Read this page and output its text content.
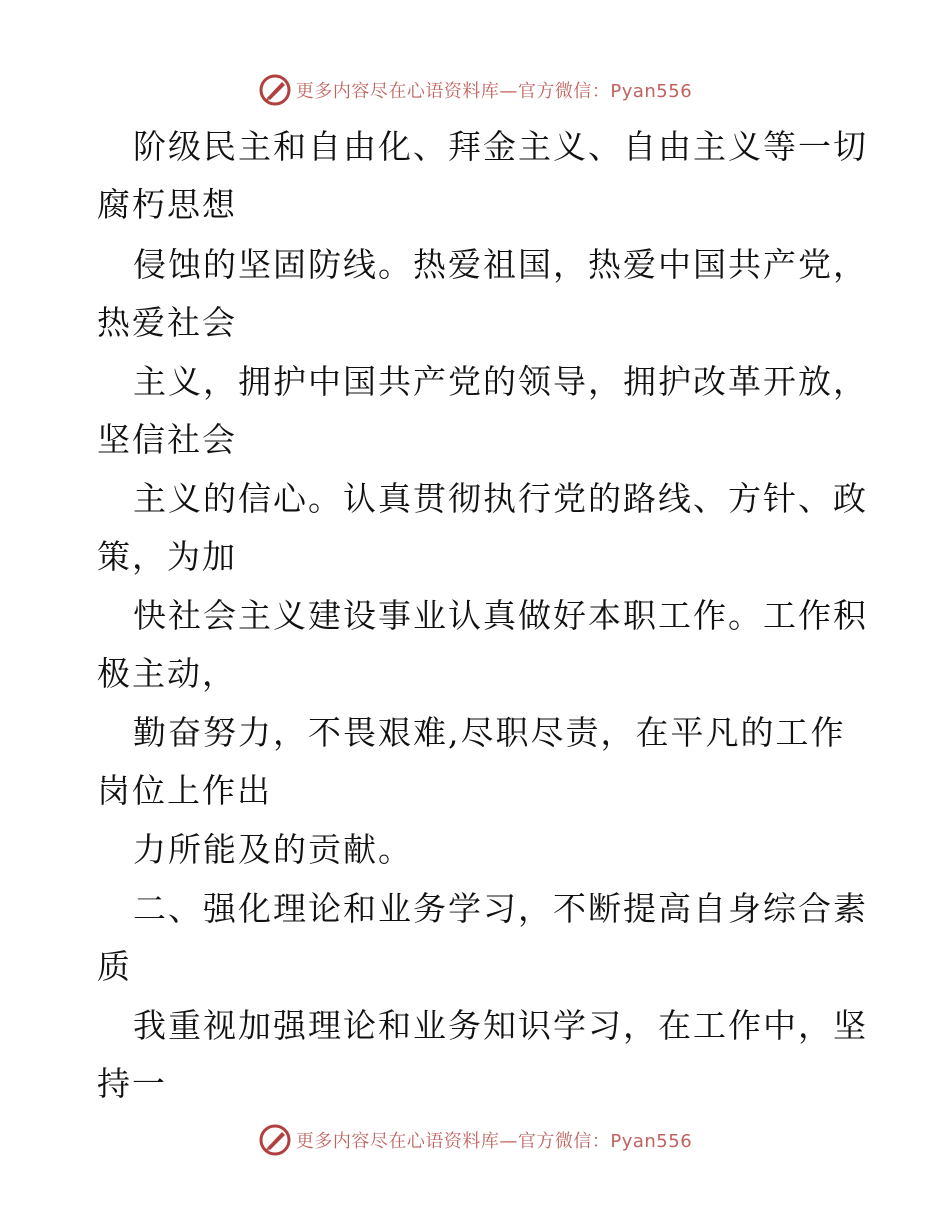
更多内容尽在心语资料库—官方微信：Pyan556
阶级民主和自由化、拜金主义、自由主义等一切
腐朽思想
侵蚀的坚固防线。热爱祖国，热爱中国共产党，
热爱社会
主义，拥护中国共产党的领导，拥护改革开放，
坚信社会
主义的信心。认真贯彻执行党的路线、方针、政
策，为加
快社会主义建设事业认真做好本职工作。工作积
极主动，
勤奋努力，不畏艰难,尽职尽责，在平凡的工作
岗位上作出
力所能及的贡献。
二、强化理论和业务学习，不断提高自身综合素
质
我重视加强理论和业务知识学习，在工作中，坚
持一
更多内容尽在心语资料库—官方微信：Pyan556
